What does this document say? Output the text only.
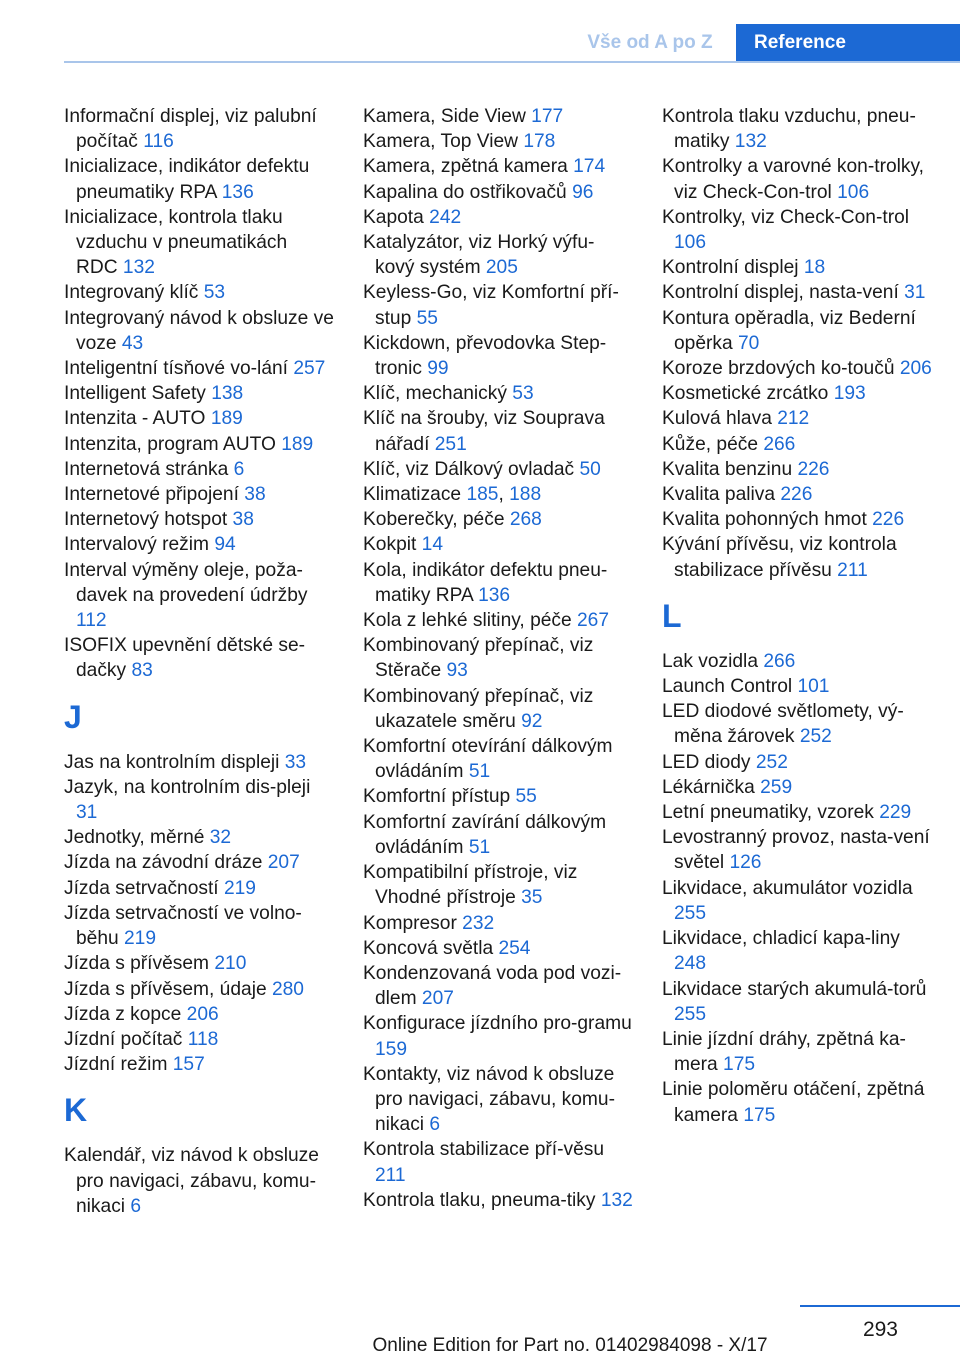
Vše od A po Z	Reference

Informační displej, viz palubní počítač 116

Inicializace, indikátor defektu pneumatiky RPA 136

Inicializace, kontrola tlaku vzduchu v pneumatikách RDC 132

Integrovaný klíč 53

Integrovaný návod k obsluze ve voze 43

Inteligentní tísňové vo-lání 257

Intelligent Safety 138

Intenzita - AUTO 189

Intenzita, program AUTO 189

Internetová stránka 6

Internetové připojení 38

Internetový hotspot 38

Intervalový režim 94

Interval výměny oleje, poža-davek na provedení údržby 112

ISOFIX upevnění dětské se-dačky 83

J

Jas na kontrolním displeji 33

Jazyk, na kontrolním dis-pleji 31

Jednotky, měrné 32

Jízda na závodní dráze 207

Jízda setrvačností 219

Jízda setrvačností ve volno-běhu 219

Jízda s přívěsem 210

Jízda s přívěsem, údaje 280

Jízda z kopce 206

Jízdní počítač 118

Jízdní režim 157

K

Kalendář, viz návod k obsluze pro navigaci, zábavu, komu-nikaci 6

Kamera, Side View 177

Kamera, Top View 178

Kamera, zpětná kamera 174

Kapalina do ostřikovačů 96

Kapota 242

Katalyzátor, viz Horký výfu-kový systém 205

Keyless-Go, viz Komfortní pří-stup 55

Kickdown, převodovka Step-tronic 99

Klíč, mechanický 53

Klíč na šrouby, viz Souprava nářadí 251

Klíč, viz Dálkový ovladač 50

Klimatizace 185, 188

Koberečky, péče 268

Kokpit 14

Kola, indikátor defektu pneu-matiky RPA 136

Kola z lehké slitiny, péče 267

Kombinovaný přepínač, viz Stěrače 93

Kombinovaný přepínač, viz ukazatele směru 92

Komfortní otevírání dálkovým ovládáním 51

Komfortní přístup 55

Komfortní zavírání dálkovým ovládáním 51

Kompatibilní přístroje, viz Vhodné přístroje 35

Kompresor 232

Koncová světla 254

Kondenzovaná voda pod vozi-dlem 207

Konfigurace jízdního pro-gramu 159

Kontakty, viz návod k obsluze pro navigaci, zábavu, komu-nikaci 6

Kontrola stabilizace pří-věsu 211

Kontrola tlaku, pneuma-tiky 132

Kontrola tlaku vzduchu, pneu-matiky 132

Kontrolky a varovné kon-trolky, viz Check-Con-trol 106

Kontrolky, viz Check-Con-trol 106

Kontrolní displej 18

Kontrolní displej, nasta-vení 31

Kontura opěradla, viz Bederní opěrka 70

Koroze brzdových ko-toučů 206

Kosmetické zrcátko 193

Kulová hlava 212

Kůže, péče 266

Kvalita benzinu 226

Kvalita paliva 226

Kvalita pohonných hmot 226

Kývání přívěsu, viz kontrola stabilizace přívěsu 211

L

Lak vozidla 266

Launch Control 101

LED diodové světlomety, vý-měna žárovek 252

LED diody 252

Lékárnička 259

Letní pneumatiky, vzorek 229

Levostranný provoz, nasta-vení světel 126

Likvidace, akumulátor vozidla 255

Likvidace, chladicí kapa-liny 248

Likvidace starých akumulá-torů 255

Linie jízdní dráhy, zpětná ka-mera 175

Linie poloměru otáčení, zpětná kamera 175

293
Online Edition for Part no. 01402984098 - X/17
